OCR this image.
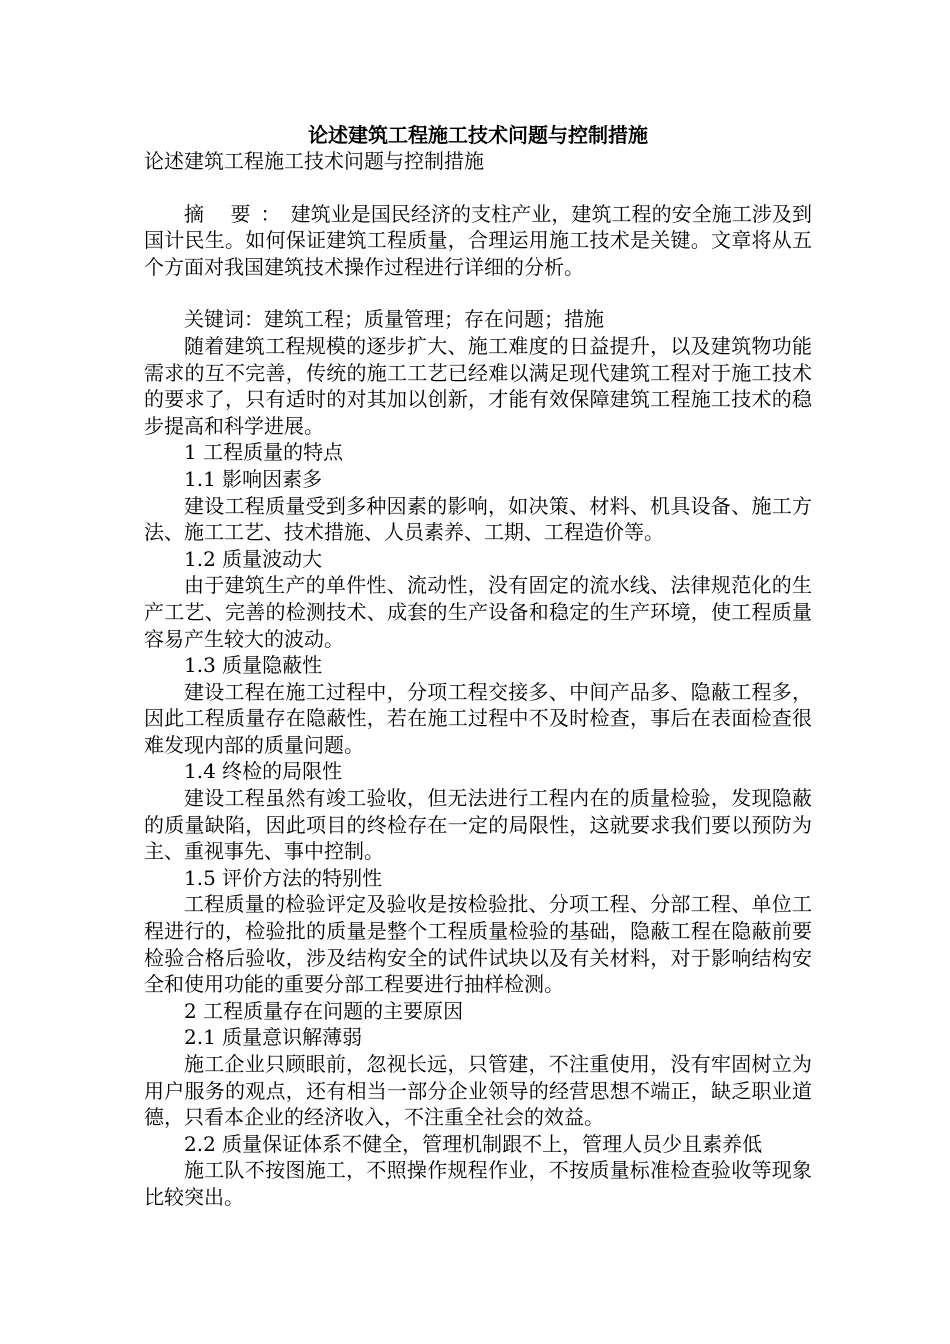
论述建筑工程施工技术问题与控制措施

论述建筑工程施工技术问题与控制措施

摘 要：建筑业是国民经济的支柱产业，建筑工程的安全施工涉及到国计民生。如何保证建筑工程质量，合理运用施工技术是关键。文章将从五个方面对我国建筑技术操作过程进行详细的分析。

关键词：建筑工程；质量管理；存在问题；措施

随着建筑工程规模的逐步扩大、施工难度的日益提升，以及建筑物功能需求的互不完善，传统的施工工艺已经难以满足现代建筑工程对于施工技术的要求了，只有适时的对其加以创新，才能有效保障建筑工程施工技术的稳步提高和科学进展。

1 工程质量的特点

1.1 影响因素多

建设工程质量受到多种因素的影响，如决策、材料、机具设备、施工方法、施工工艺、技术措施、人员素养、工期、工程造价等。

1.2 质量波动大

由于建筑生产的单件性、流动性，没有固定的流水线、法律规范化的生产工艺、完善的检测技术、成套的生产设备和稳定的生产环境，使工程质量容易产生较大的波动。

1.3 质量隐蔽性

建设工程在施工过程中，分项工程交接多、中间产品多、隐蔽工程多，因此工程质量存在隐蔽性，若在施工过程中不及时检查，事后在表面检查很难发现内部的质量问题。

1.4 终检的局限性

建设工程虽然有竣工验收，但无法进行工程内在的质量检验，发现隐蔽的质量缺陷，因此项目的终检存在一定的局限性，这就要求我们要以预防为主、重视事先、事中控制。

1.5 评价方法的特别性

工程质量的检验评定及验收是按检验批、分项工程、分部工程、单位工程进行的，检验批的质量是整个工程质量检验的基础，隐蔽工程在隐蔽前要检验合格后验收，涉及结构安全的试件试块以及有关材料，对于影响结构安全和使用功能的重要分部工程要进行抽样检测。

2 工程质量存在问题的主要原因

2.1 质量意识解薄弱

施工企业只顾眼前，忽视长远，只管建，不注重使用，没有牢固树立为用户服务的观点，还有相当一部分企业领导的经营思想不端正，缺乏职业道德，只看本企业的经济收入，不注重全社会的效益。

2.2 质量保证体系不健全，管理机制跟不上，管理人员少且素养低

施工队不按图施工，不照操作规程作业，不按质量标准检查验收等现象比较突出。
